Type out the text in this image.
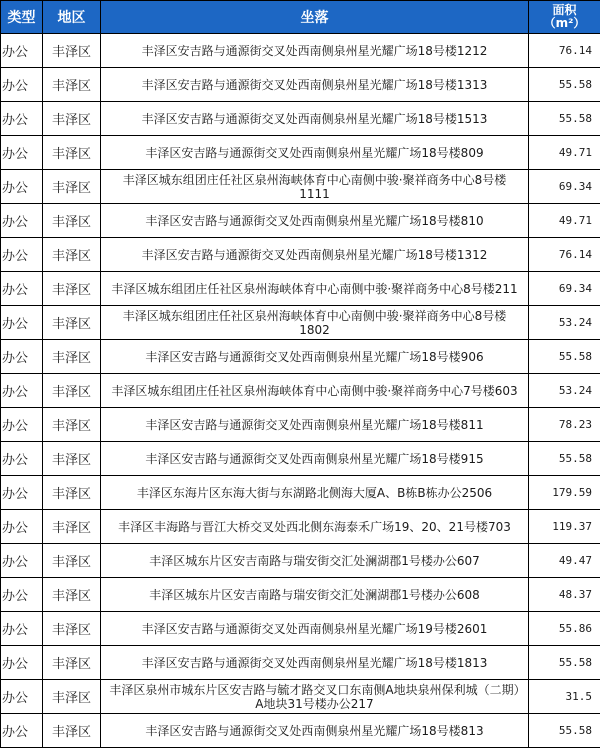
类型	地区	坐落	面积
（m²）

办公	丰泽区	丰泽区安吉路与通源街交叉处西南侧泉州星光耀广场18号楼1212	76.14
办公	丰泽区	丰泽区安吉路与通源街交叉处西南侧泉州星光耀广场18号楼1313	55.58
办公	丰泽区	丰泽区安吉路与通源街交叉处西南侧泉州星光耀广场18号楼1513	55.58
办公	丰泽区	丰泽区安吉路与通源街交叉处西南侧泉州星光耀广场18号楼809	49.71
办公	丰泽区	丰泽区城东组团庄任社区泉州海峡体育中心南侧中骏·聚祥商务中心8号楼1111	69.34
办公	丰泽区	丰泽区安吉路与通源街交叉处西南侧泉州星光耀广场18号楼810	49.71
办公	丰泽区	丰泽区安吉路与通源街交叉处西南侧泉州星光耀广场18号楼1312	76.14
办公	丰泽区	丰泽区城东组团庄任社区泉州海峡体育中心南侧中骏·聚祥商务中心8号楼211	69.34
办公	丰泽区	丰泽区城东组团庄任社区泉州海峡体育中心南侧中骏·聚祥商务中心8号楼1802	53.24
办公	丰泽区	丰泽区安吉路与通源街交叉处西南侧泉州星光耀广场18号楼906	55.58
办公	丰泽区	丰泽区城东组团庄任社区泉州海峡体育中心南侧中骏·聚祥商务中心7号楼603	53.24
办公	丰泽区	丰泽区安吉路与通源街交叉处西南侧泉州星光耀广场18号楼811	78.23
办公	丰泽区	丰泽区安吉路与通源街交叉处西南侧泉州星光耀广场18号楼915	55.58
办公	丰泽区	丰泽区东海片区东海大街与东湖路北侧海大厦A、B栋B栋办公2506	179.59
办公	丰泽区	丰泽区丰海路与晋江大桥交叉处西北侧东海泰禾广场19、20、21号楼703	119.37
办公	丰泽区	丰泽区城东片区安吉南路与瑞安街交汇处澜湖郡1号楼办公607	49.47
办公	丰泽区	丰泽区城东片区安吉南路与瑞安街交汇处澜湖郡1号楼办公608	48.37
办公	丰泽区	丰泽区安吉路与通源街交叉处西南侧泉州星光耀广场19号楼2601	55.86
办公	丰泽区	丰泽区安吉路与通源街交叉处西南侧泉州星光耀广场18号楼1813	55.58
办公	丰泽区	丰泽区泉州市城东片区安吉路与毓才路交叉口东南侧A地块泉州保利城（二期）A地块31号楼办公217	31.5
办公	丰泽区	丰泽区安吉路与通源街交叉处西南侧泉州星光耀广场18号楼813	55.58
